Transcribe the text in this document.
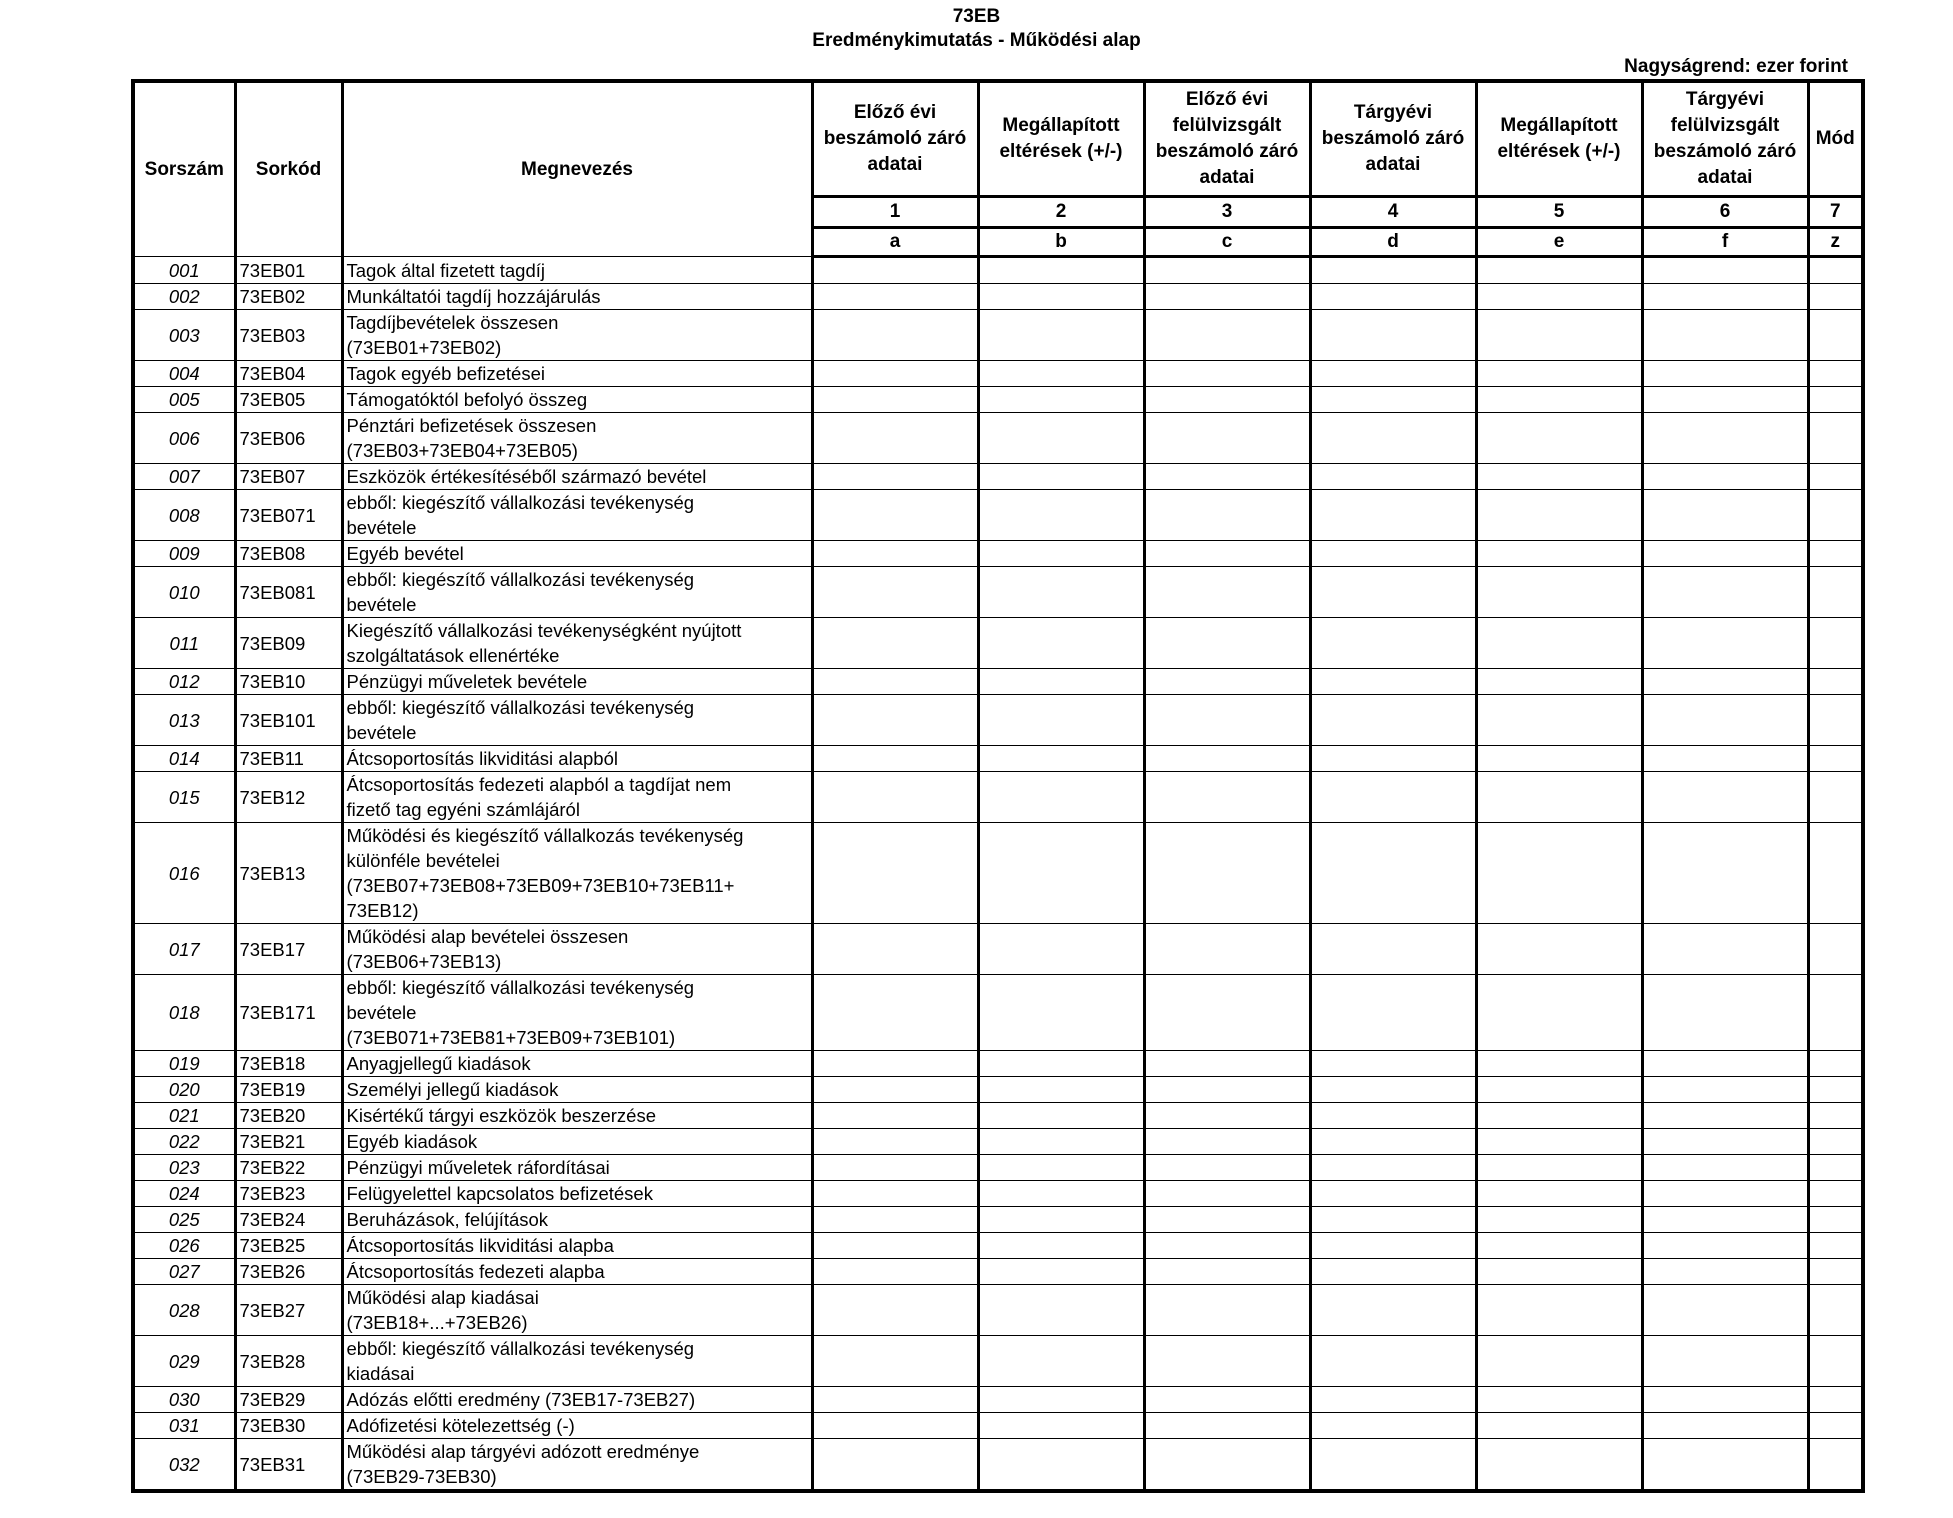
73EB
Eredménykimutatás - Működési alap
Nagyságrend: ezer forint
Sorszám	Sorkód	Megnevezés	Előző évi beszámoló záró adatai	Megállapított eltérések (+/-)	Előző évi felülvizsgált beszámoló záró adatai	Tárgyévi beszámoló záró adatai	Megállapított eltérések (+/-)	Tárgyévi felülvizsgált beszámoló záró adatai	Mód
			1	2	3	4	5	6	7
			a	b	c	d	e	f	z
001	73EB01	Tagok által fizetett tagdíj							

002	73EB02	Munkáltatói tagdíj hozzájárulás							

003	73EB03	Tagdíjbevételek összesen
(73EB01+73EB02)							

004	73EB04	Tagok egyéb befizetései							

005	73EB05	Támogatóktól befolyó összeg							

006	73EB06	Pénztári befizetések összesen
(73EB03+73EB04+73EB05)							

007	73EB07	Eszközök értékesítéséből származó bevétel							

008	73EB071	ebből: kiegészítő vállalkozási tevékenység
bevétele							

009	73EB08	Egyéb bevétel							

010	73EB081	ebből: kiegészítő vállalkozási tevékenység
bevétele							

011	73EB09	Kiegészítő vállalkozási tevékenységként nyújtott
szolgáltatások ellenértéke							

012	73EB10	Pénzügyi műveletek bevétele							

013	73EB101	ebből: kiegészítő vállalkozási tevékenység
bevétele							

014	73EB11	Átcsoportosítás likviditási alapból							

015	73EB12	Átcsoportosítás fedezeti alapból a tagdíjat nem
fizető tag egyéni számlájáról							

016	73EB13	Működési és kiegészítő vállalkozás tevékenység
különféle bevételei
(73EB07+73EB08+73EB09+73EB10+73EB11+
73EB12)							

017	73EB17	Működési alap bevételei összesen
(73EB06+73EB13)							

018	73EB171	ebből: kiegészítő vállalkozási tevékenység
bevétele
(73EB071+73EB81+73EB09+73EB101)							

019	73EB18	Anyagjellegű kiadások							

020	73EB19	Személyi jellegű kiadások							

021	73EB20	Kisértékű tárgyi eszközök beszerzése							

022	73EB21	Egyéb kiadások							

023	73EB22	Pénzügyi műveletek ráfordításai							

024	73EB23	Felügyelettel kapcsolatos befizetések							

025	73EB24	Beruházások, felújítások							

026	73EB25	Átcsoportosítás likviditási alapba							

027	73EB26	Átcsoportosítás fedezeti alapba							

028	73EB27	Működési alap kiadásai
(73EB18+...+73EB26)							

029	73EB28	ebből: kiegészítő vállalkozási tevékenység
kiadásai							

030	73EB29	Adózás előtti eredmény (73EB17-73EB27)							

031	73EB30	Adófizetési kötelezettség (-)							

032	73EB31	Működési alap tárgyévi adózott eredménye
(73EB29-73EB30)							
